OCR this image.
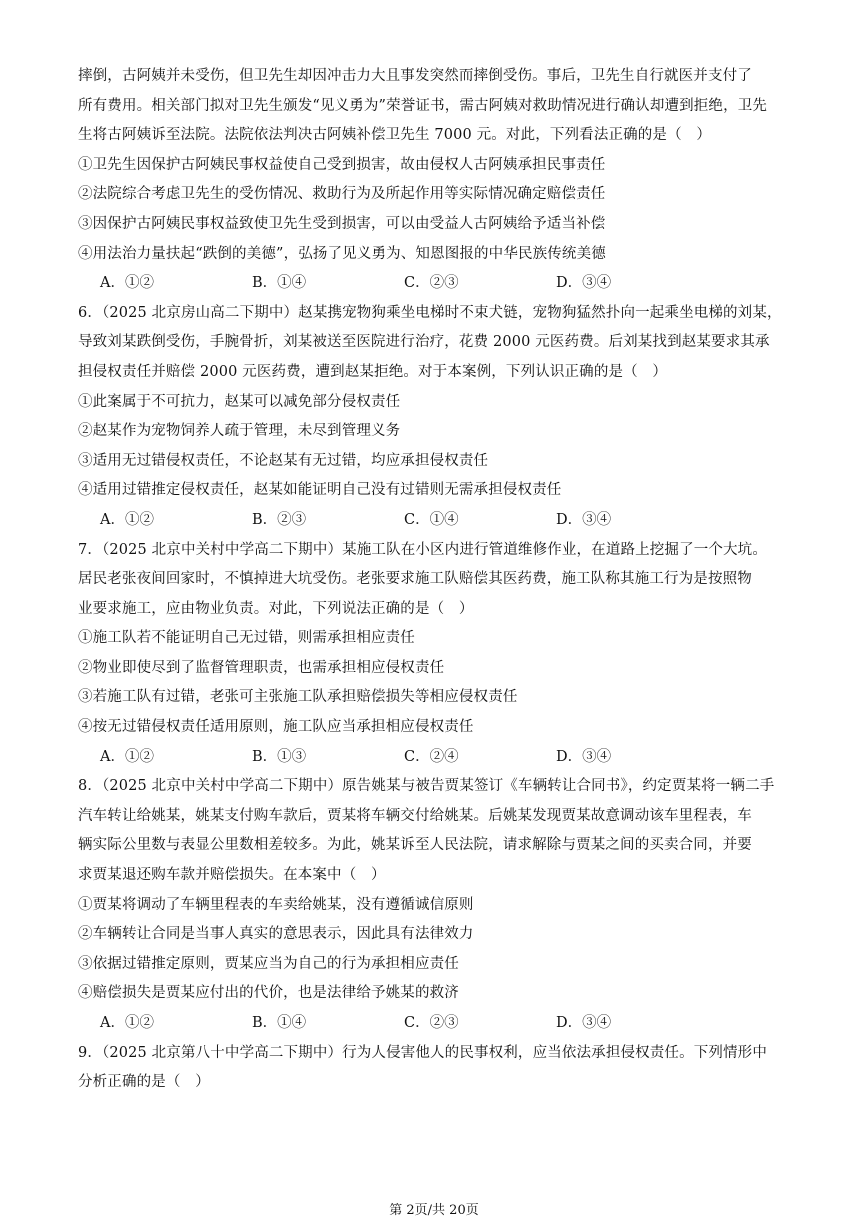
摔倒，古阿姨并未受伤，但卫先生却因冲击力大且事发突然而摔倒受伤。事后，卫先生自行就医并支付了
所有费用。相关部门拟对卫先生颁发“见义勇为”荣誉证书，需古阿姨对救助情况进行确认却遭到拒绝，卫先
生将古阿姨诉至法院。法院依法判决古阿姨补偿卫先生 7000 元。对此，下列看法正确的是（　）
①卫先生因保护古阿姨民事权益使自己受到损害，故由侵权人古阿姨承担民事责任
②法院综合考虑卫先生的受伤情况、救助行为及所起作用等实际情况确定赔偿责任
③因保护古阿姨民事权益致使卫先生受到损害，可以由受益人古阿姨给予适当补偿
④用法治力量扶起“跌倒的美德”，弘扬了见义勇为、知恩图报的中华民族传统美德
A．①②	B．①④	C．②③	D．③④
6．（2025 北京房山高二下期中）赵某携宠物狗乘坐电梯时不束犬链，宠物狗猛然扑向一起乘坐电梯的刘某，
导致刘某跌倒受伤，手腕骨折，刘某被送至医院进行治疗，花费 2000 元医药费。后刘某找到赵某要求其承
担侵权责任并赔偿 2000 元医药费，遭到赵某拒绝。对于本案例，下列认识正确的是（　）
①此案属于不可抗力，赵某可以减免部分侵权责任
②赵某作为宠物饲养人疏于管理，未尽到管理义务
③适用无过错侵权责任，不论赵某有无过错，均应承担侵权责任
④适用过错推定侵权责任，赵某如能证明自己没有过错则无需承担侵权责任
A．①②	B．②③	C．①④	D．③④
7．（2025 北京中关村中学高二下期中）某施工队在小区内进行管道维修作业，在道路上挖掘了一个大坑。
居民老张夜间回家时，不慎掉进大坑受伤。老张要求施工队赔偿其医药费，施工队称其施工行为是按照物
业要求施工，应由物业负责。对此，下列说法正确的是（　）
①施工队若不能证明自己无过错，则需承担相应责任
②物业即使尽到了监督管理职责，也需承担相应侵权责任
③若施工队有过错，老张可主张施工队承担赔偿损失等相应侵权责任
④按无过错侵权责任适用原则，施工队应当承担相应侵权责任
A．①②	B．①③	C．②④	D．③④
8．（2025 北京中关村中学高二下期中）原告姚某与被告贾某签订《车辆转让合同书》，约定贾某将一辆二手
汽车转让给姚某，姚某支付购车款后，贾某将车辆交付给姚某。后姚某发现贾某故意调动该车里程表，车
辆实际公里数与表显公里数相差较多。为此，姚某诉至人民法院，请求解除与贾某之间的买卖合同，并要
求贾某退还购车款并赔偿损失。在本案中（　）
①贾某将调动了车辆里程表的车卖给姚某，没有遵循诚信原则
②车辆转让合同是当事人真实的意思表示，因此具有法律效力
③依据过错推定原则，贾某应当为自己的行为承担相应责任
④赔偿损失是贾某应付出的代价，也是法律给予姚某的救济
A．①②	B．①④	C．②③	D．③④
9．（2025 北京第八十中学高二下期中）行为人侵害他人的民事权利，应当依法承担侵权责任。下列情形中
分析正确的是（　）
第 2页/共 20页
